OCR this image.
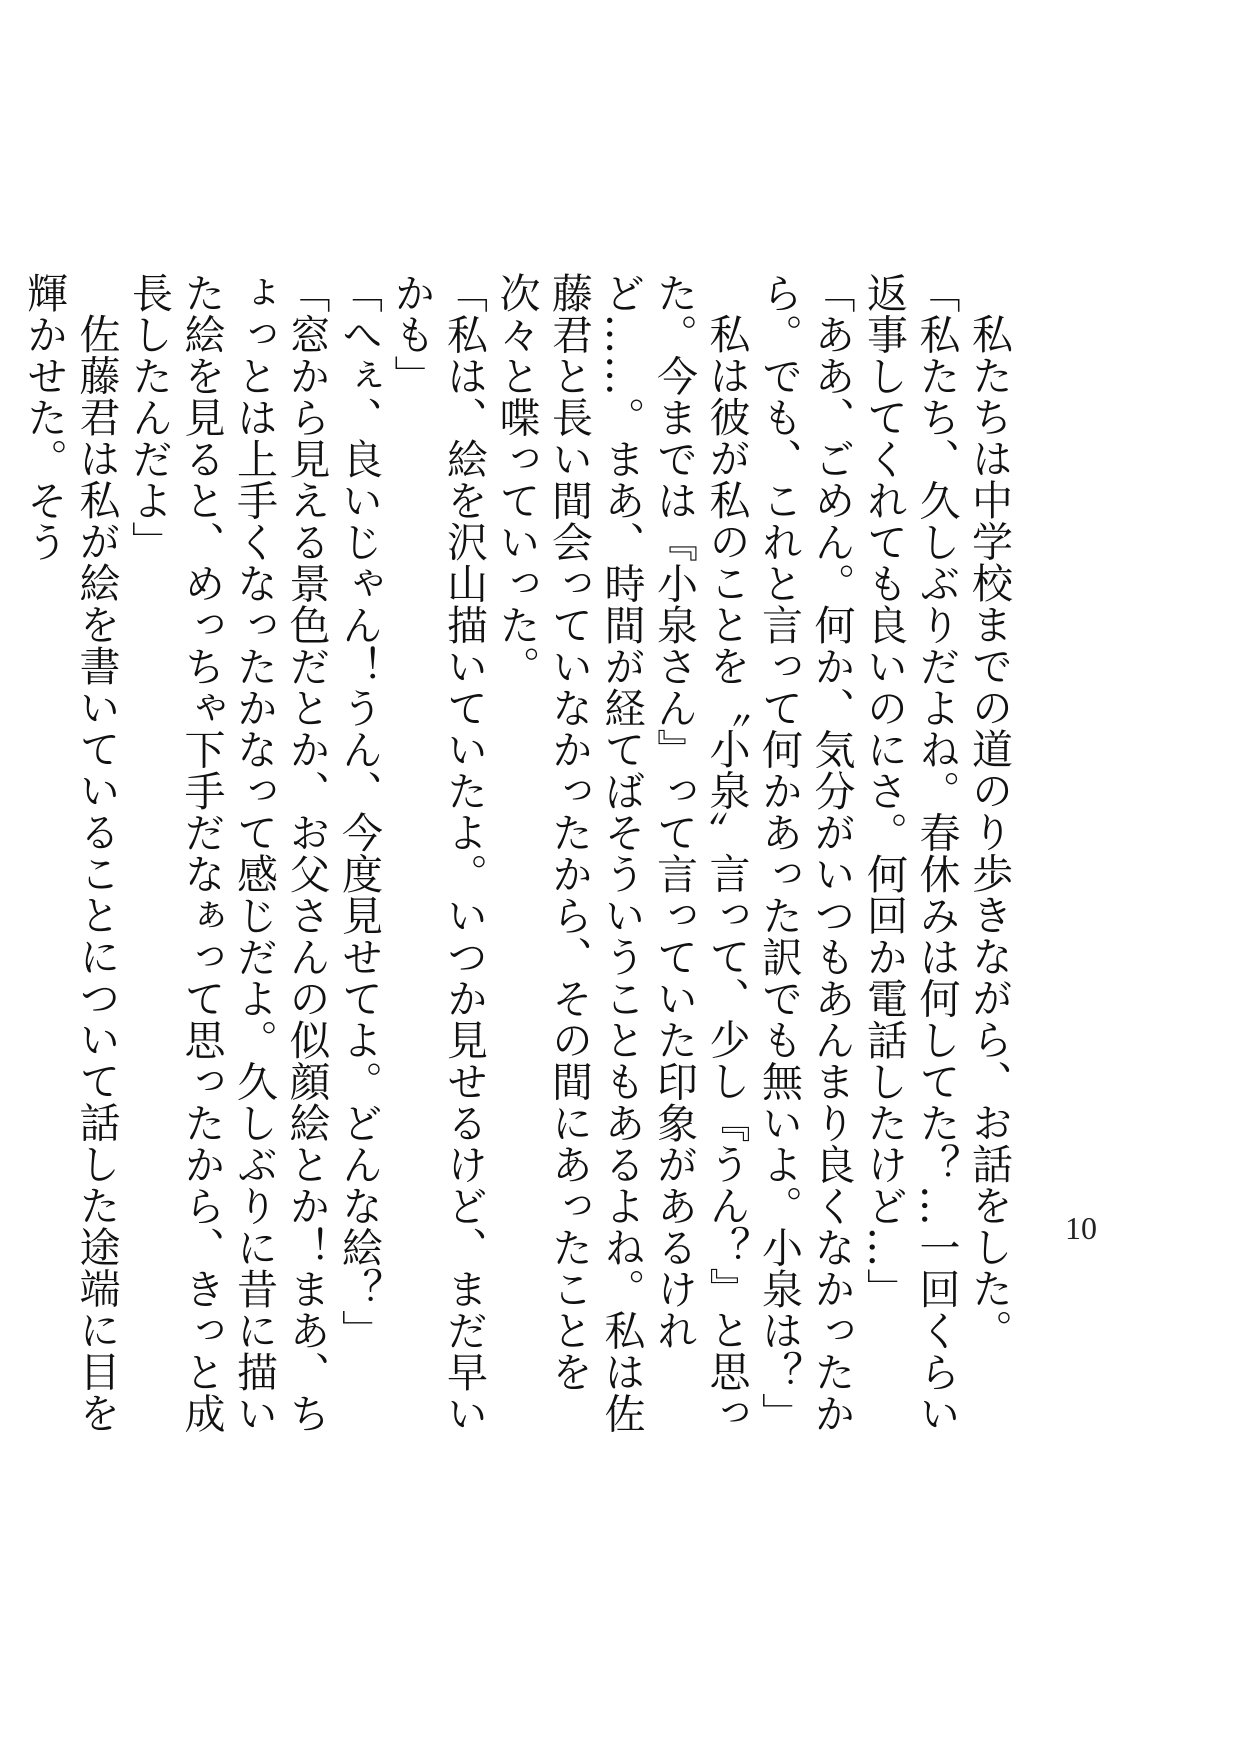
私たちは中学校までの道のり歩きながら、お話をした。

「私たち、久しぶりだよね。春休みは何してた？…一回くらい返事してくれても良いのにさ。何回か電話したけど…」

「ああ、ごめん。何か、気分がいつもあんまり良くなかったから。でも、これと言って何かあった訳でも無いよ。小泉は？」

私は彼が私のことを〝小泉〟言って、少し『うん？』と思った。今までは『小泉さん』って言っていた印象があるけれど……。まあ、時間が経てばそういうこともあるよね。私は佐藤君と長い間会っていなかったから、その間にあったことを次々と喋っていった。

「私は、絵を沢山描いていたよ。いつか見せるけど、まだ早いかも」

「へぇ、良いじゃん！うん、今度見せてよ。どんな絵？」

「窓から見える景色だとか、お父さんの似顔絵とか！まあ、ちょっとは上手くなったかなって感じだよ。久しぶりに昔に描いた絵を見ると、めっちゃ下手だなぁって思ったから、きっと成長したんだよ」

佐藤君は私が絵を書いていることについて話した途端に目を輝かせた。そう

10
